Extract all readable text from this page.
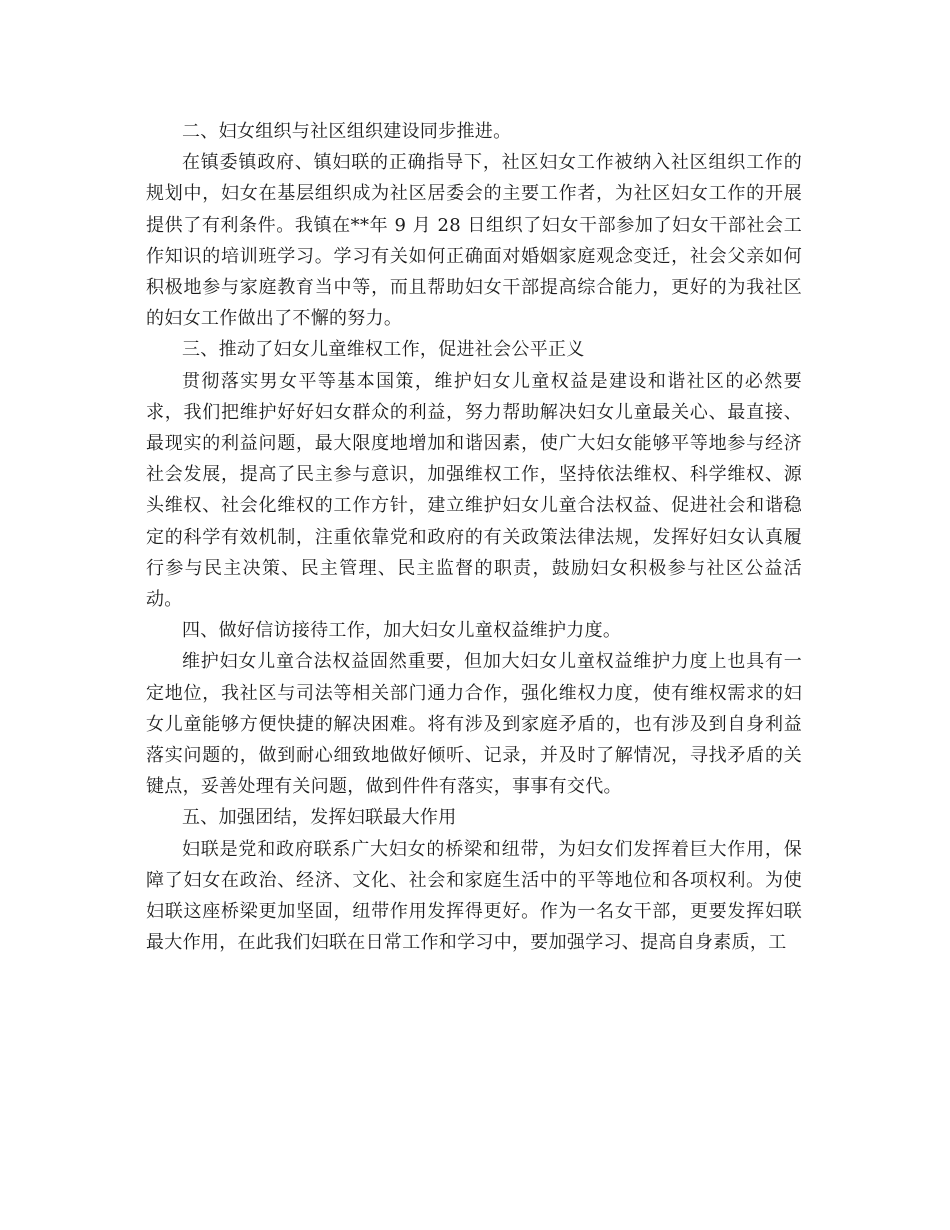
二、妇女组织与社区组织建设同步推进。

在镇委镇政府、镇妇联的正确指导下，社区妇女工作被纳入社区组织工作的规划中，妇女在基层组织成为社区居委会的主要工作者，为社区妇女工作的开展提供了有利条件。我镇在**年 9 月 28 日组织了妇女干部参加了妇女干部社会工作知识的培训班学习。学习有关如何正确面对婚姻家庭观念变迁，社会父亲如何积极地参与家庭教育当中等，而且帮助妇女干部提高综合能力，更好的为我社区的妇女工作做出了不懈的努力。

三、推动了妇女儿童维权工作，促进社会公平正义

贯彻落实男女平等基本国策，维护妇女儿童权益是建设和谐社区的必然要求，我们把维护好好妇女群众的利益，努力帮助解决妇女儿童最关心、最直接、最现实的利益问题，最大限度地增加和谐因素，使广大妇女能够平等地参与经济社会发展，提高了民主参与意识，加强维权工作，坚持依法维权、科学维权、源头维权、社会化维权的工作方针，建立维护妇女儿童合法权益、促进社会和谐稳定的科学有效机制，注重依靠党和政府的有关政策法律法规，发挥好妇女认真履行参与民主决策、民主管理、民主监督的职责，鼓励妇女积极参与社区公益活动。

四、做好信访接待工作，加大妇女儿童权益维护力度。

维护妇女儿童合法权益固然重要，但加大妇女儿童权益维护力度上也具有一定地位，我社区与司法等相关部门通力合作，强化维权力度，使有维权需求的妇女儿童能够方便快捷的解决困难。将有涉及到家庭矛盾的，也有涉及到自身利益落实问题的，做到耐心细致地做好倾听、记录，并及时了解情况，寻找矛盾的关键点，妥善处理有关问题，做到件件有落实，事事有交代。

五、加强团结，发挥妇联最大作用

妇联是党和政府联系广大妇女的桥梁和纽带，为妇女们发挥着巨大作用，保障了妇女在政治、经济、文化、社会和家庭生活中的平等地位和各项权利。为使妇联这座桥梁更加坚固，纽带作用发挥得更好。作为一名女干部，更要发挥妇联最大作用，在此我们妇联在日常工作和学习中，要加强学习、提高自身素质，工
